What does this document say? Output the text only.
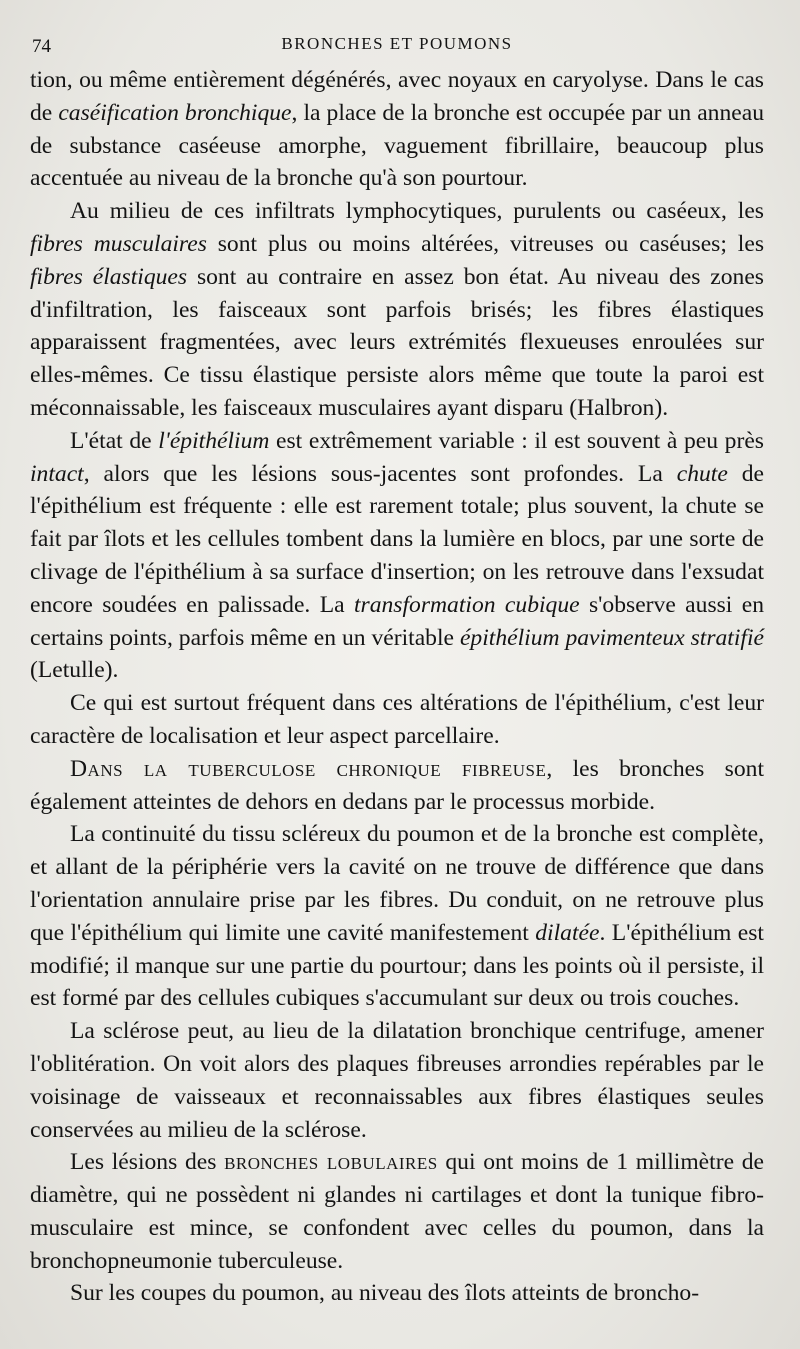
74	BRONCHES ET POUMONS

tion, ou même entièrement dégénérés, avec noyaux en caryolyse. Dans le cas de caséification bronchique, la place de la bronche est occupée par un anneau de substance caséeuse amorphe, vaguement fibrillaire, beaucoup plus accentuée au niveau de la bronche qu'à son pourtour.

Au milieu de ces infiltrats lymphocytiques, purulents ou caséeux, les fibres musculaires sont plus ou moins altérées, vitreuses ou caséuses; les fibres élastiques sont au contraire en assez bon état. Au niveau des zones d'infiltration, les faisceaux sont parfois brisés; les fibres élastiques apparaissent fragmentées, avec leurs extrémités flexueuses enroulées sur elles-mêmes. Ce tissu élastique persiste alors même que toute la paroi est méconnaissable, les faisceaux musculaires ayant disparu (Halbron).

L'état de l'épithélium est extrêmement variable : il est souvent à peu près intact, alors que les lésions sous-jacentes sont profondes. La chute de l'épithélium est fréquente : elle est rarement totale; plus souvent, la chute se fait par îlots et les cellules tombent dans la lumière en blocs, par une sorte de clivage de l'épithélium à sa surface d'insertion; on les retrouve dans l'exsudat encore soudées en palissade. La transformation cubique s'observe aussi en certains points, parfois même en un véritable épithélium pavimenteux stratifié (Letulle).

Ce qui est surtout fréquent dans ces altérations de l'épithélium, c'est leur caractère de localisation et leur aspect parcellaire.

Dans la tuberculose chronique fibreuse, les bronches sont également atteintes de dehors en dedans par le processus morbide.

La continuité du tissu scléreux du poumon et de la bronche est complète, et allant de la périphérie vers la cavité on ne trouve de différence que dans l'orientation annulaire prise par les fibres. Du conduit, on ne retrouve plus que l'épithélium qui limite une cavité manifestement dilatée. L'épithélium est modifié; il manque sur une partie du pourtour; dans les points où il persiste, il est formé par des cellules cubiques s'accumulant sur deux ou trois couches.

La sclérose peut, au lieu de la dilatation bronchique centrifuge, amener l'oblitération. On voit alors des plaques fibreuses arrondies repérables par le voisinage de vaisseaux et reconnaissables aux fibres élastiques seules conservées au milieu de la sclérose.

Les lésions des bronches lobulaires qui ont moins de 1 millimètre de diamètre, qui ne possèdent ni glandes ni cartilages et dont la tunique fibro-musculaire est mince, se confondent avec celles du poumon, dans la bronchopneumonie tuberculeuse.

Sur les coupes du poumon, au niveau des îlots atteints de broncho-
